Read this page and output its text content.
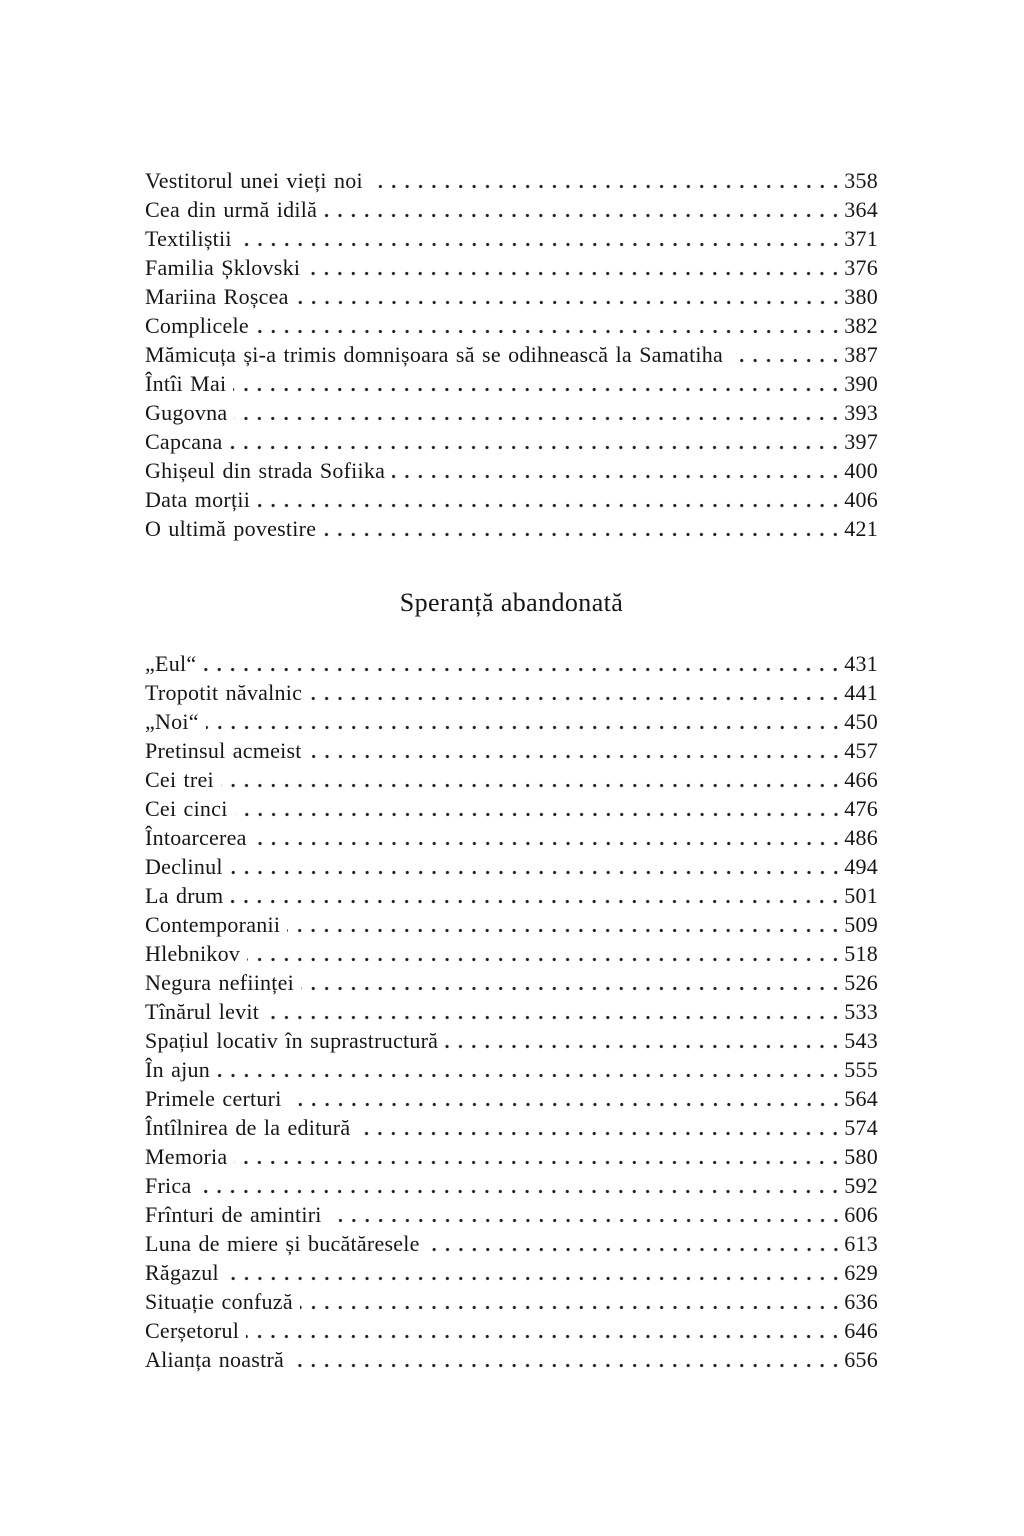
Vestitorul unei vieți noi	358
Cea din urmă idilă	364
Textiliștii	371
Familia Șklovski	376
Mariina Roșcea	380
Complicele	382
Mămicuța și-a trimis domnișoara să se odihnească la Samatiha	387
Întîi Mai	390
Gugovna	393
Capcana	397
Ghișeul din strada Sofiika	400
Data morții	406
O ultimă povestire	421
Speranță abandonată
„Eul“	431
Tropotit năvalnic	441
„Noi“	450
Pretinsul acmeist	457
Cei trei	466
Cei cinci	476
Întoarcerea	486
Declinul	494
La drum	501
Contemporanii	509
Hlebnikov	518
Negura neființei	526
Tînărul levit	533
Spațiul locativ în suprastructură	543
În ajun	555
Primele certuri	564
Întîlnirea de la editură	574
Memoria	580
Frica	592
Frînturi de amintiri	606
Luna de miere și bucătăresele	613
Răgazul	629
Situație confuză	636
Cerșetorul	646
Alianța noastră	656
